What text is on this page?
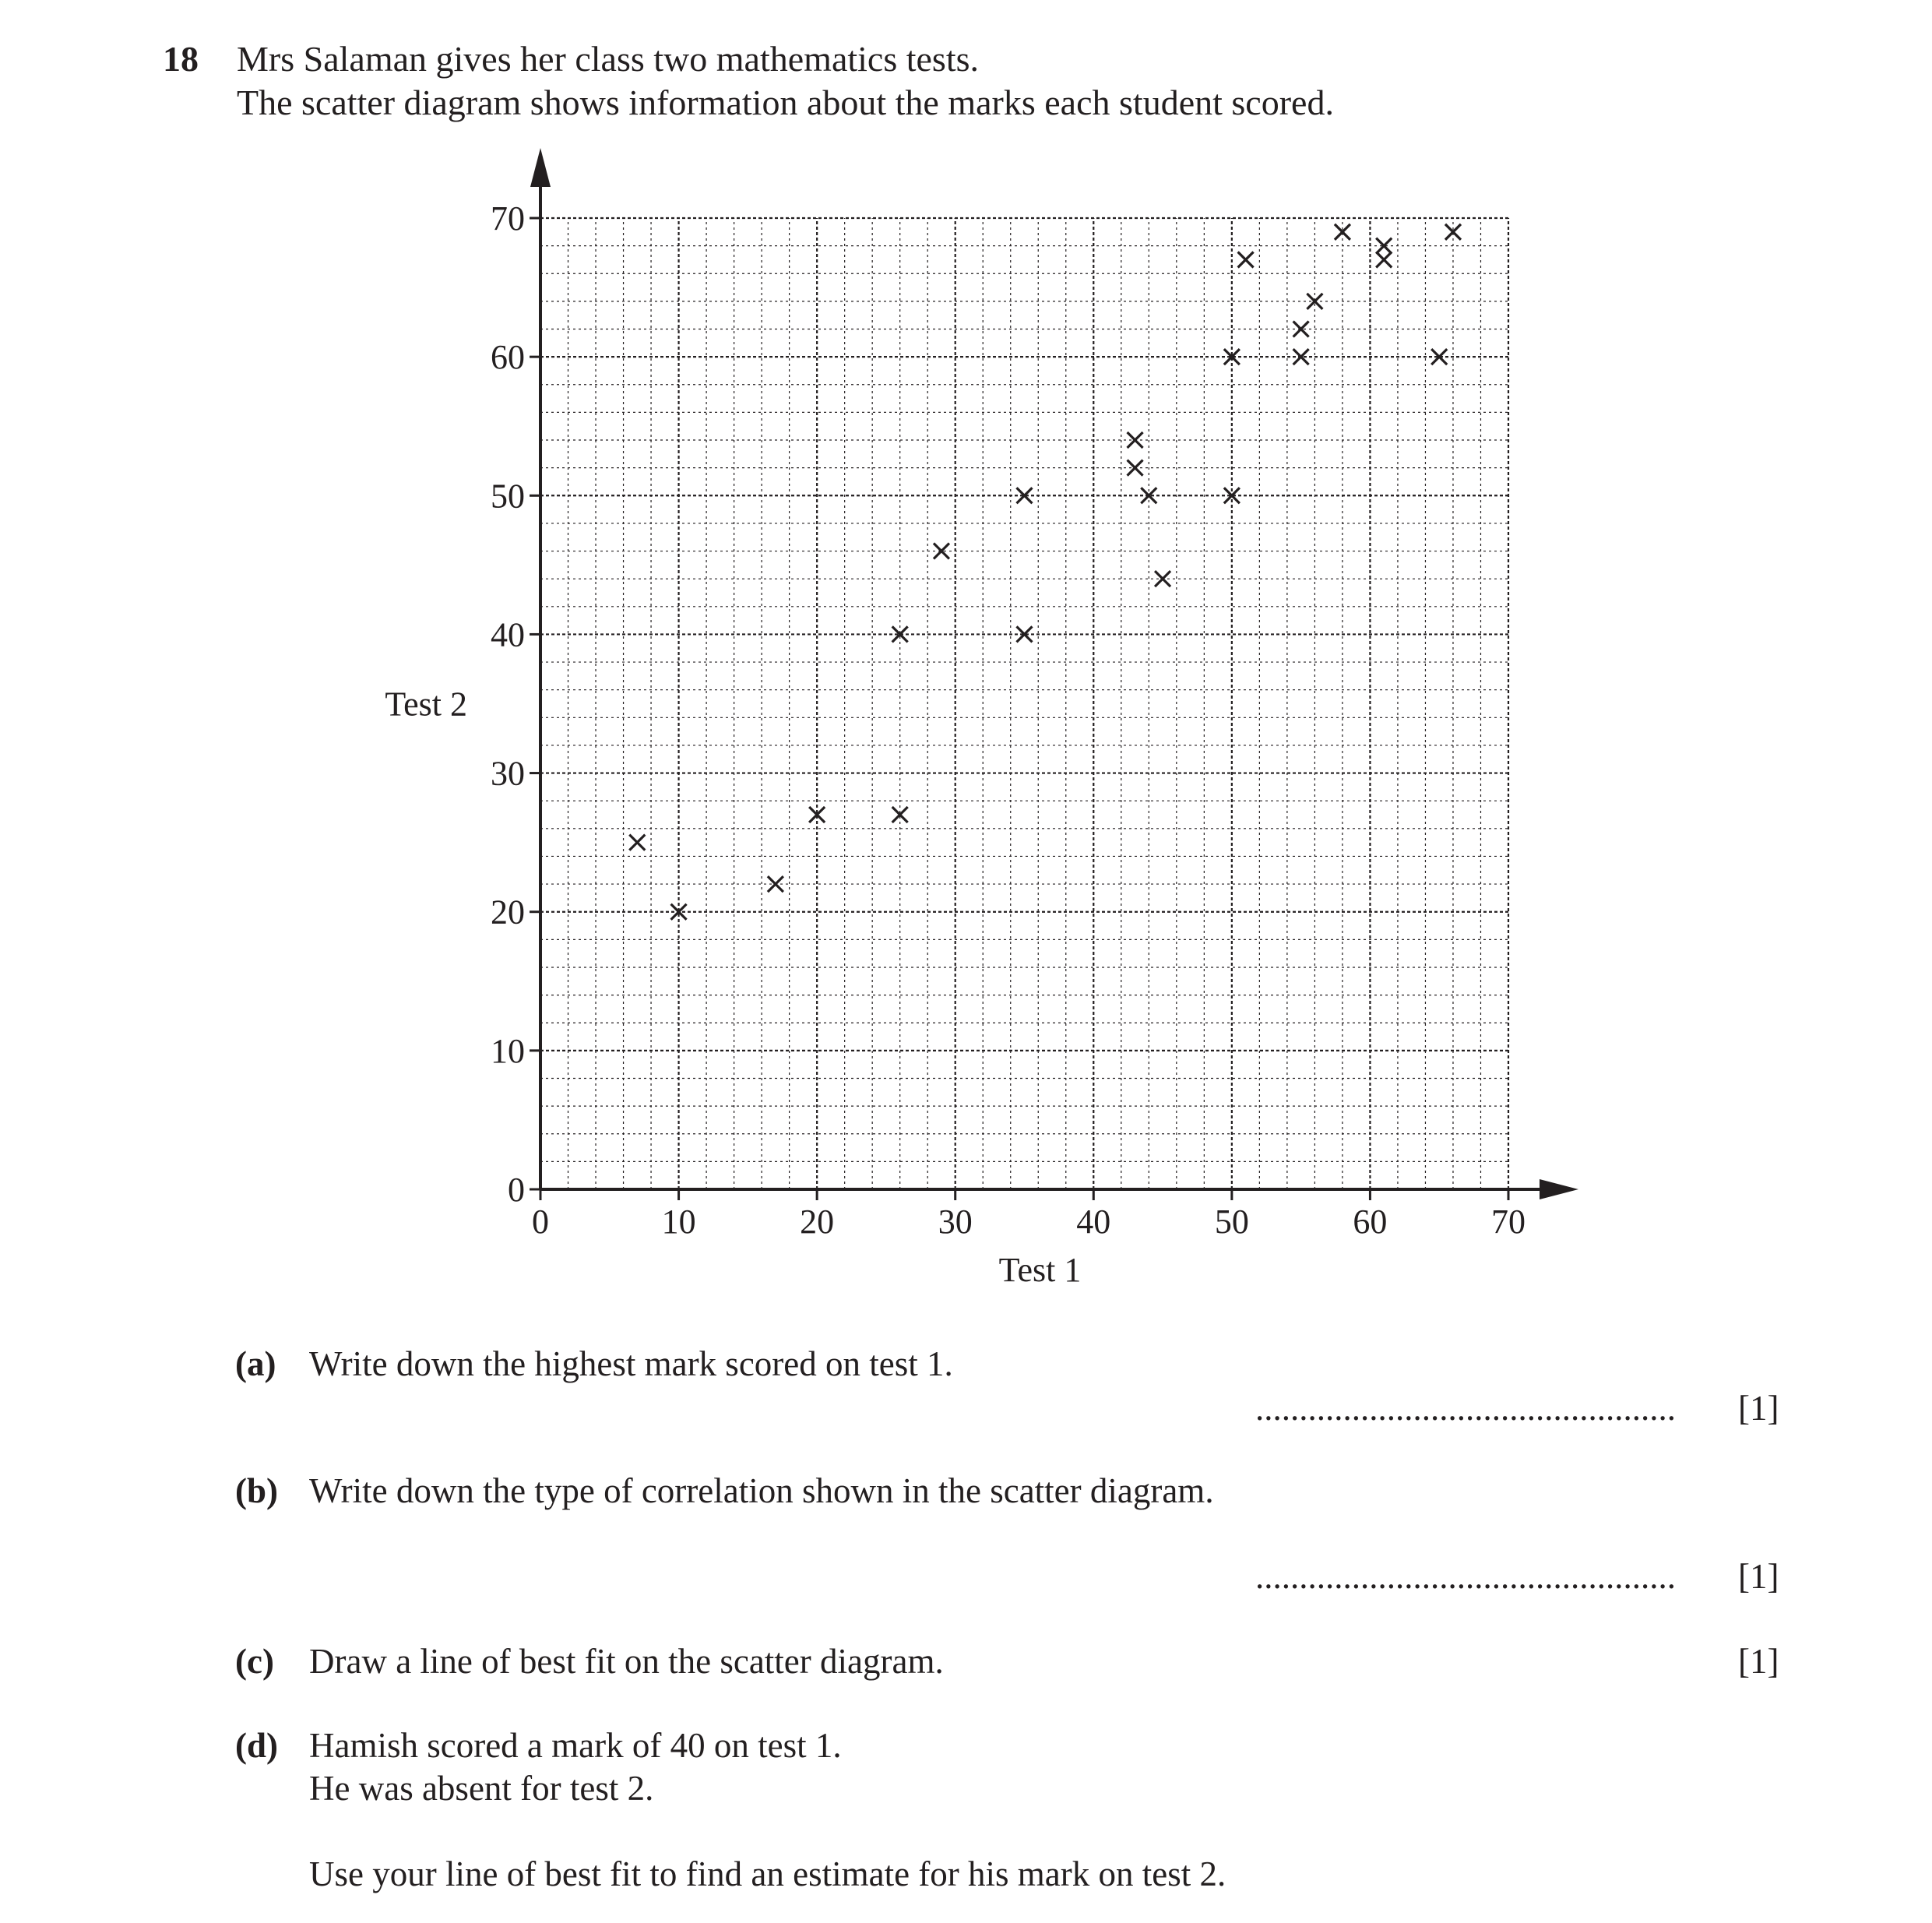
18 Mrs Salaman gives her class two mathematics tests.
The scatter diagram shows information about the marks each student scored.
0	10	20	30	40	50	60	70
0
10
20
30
40
50
60
70
Test 1
Test 2
(a) Write down the highest mark scored on test 1.
................................................ [1]
(b) Write down the type of correlation shown in the scatter diagram.
................................................ [1]
(c) Draw a line of best fit on the scatter diagram.	[1]
(d) Hamish scored a mark of 40 on test 1.
He was absent for test 2.
Use your line of best fit to find an estimate for his mark on test 2.
